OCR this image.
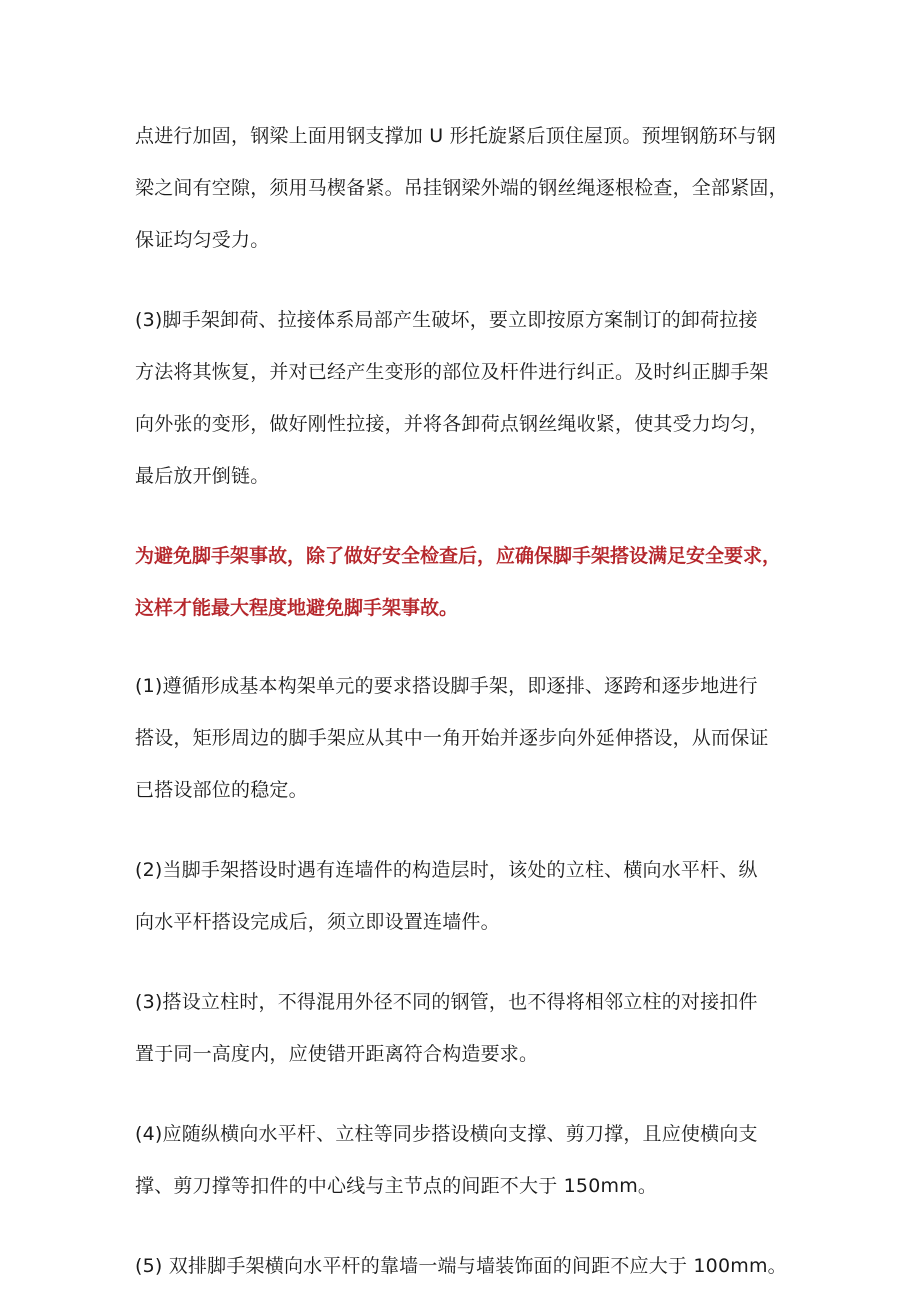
点进行加固，钢梁上面用钢支撑加 U 形托旋紧后顶住屋顶。预埋钢筋环与钢
梁之间有空隙，须用马楔备紧。吊挂钢梁外端的钢丝绳逐根检查，全部紧固，
保证均匀受力。

(3)脚手架卸荷、拉接体系局部产生破坏，要立即按原方案制订的卸荷拉接
方法将其恢复，并对已经产生变形的部位及杆件进行纠正。及时纠正脚手架
向外张的变形，做好刚性拉接，并将各卸荷点钢丝绳收紧，使其受力均匀，
最后放开倒链。

为避免脚手架事故，除了做好安全检查后，应确保脚手架搭设满足安全要求，
这样才能最大程度地避免脚手架事故。

(1)遵循形成基本构架单元的要求搭设脚手架，即逐排、逐跨和逐步地进行
搭设，矩形周边的脚手架应从其中一角开始并逐步向外延伸搭设，从而保证
已搭设部位的稳定。

(2)当脚手架搭设时遇有连墙件的构造层时，该处的立柱、横向水平杆、纵
向水平杆搭设完成后，须立即设置连墙件。

(3)搭设立柱时，不得混用外径不同的钢管，也不得将相邻立柱的对接扣件
置于同一高度内，应使错开距离符合构造要求。

(4)应随纵横向水平杆、立柱等同步搭设横向支撑、剪刀撑，且应使横向支
撑、剪刀撑等扣件的中心线与主节点的间距不大于 150mm。

(5) 双排脚手架横向水平杆的靠墙一端与墙装饰面的间距不应大于 100mm。
